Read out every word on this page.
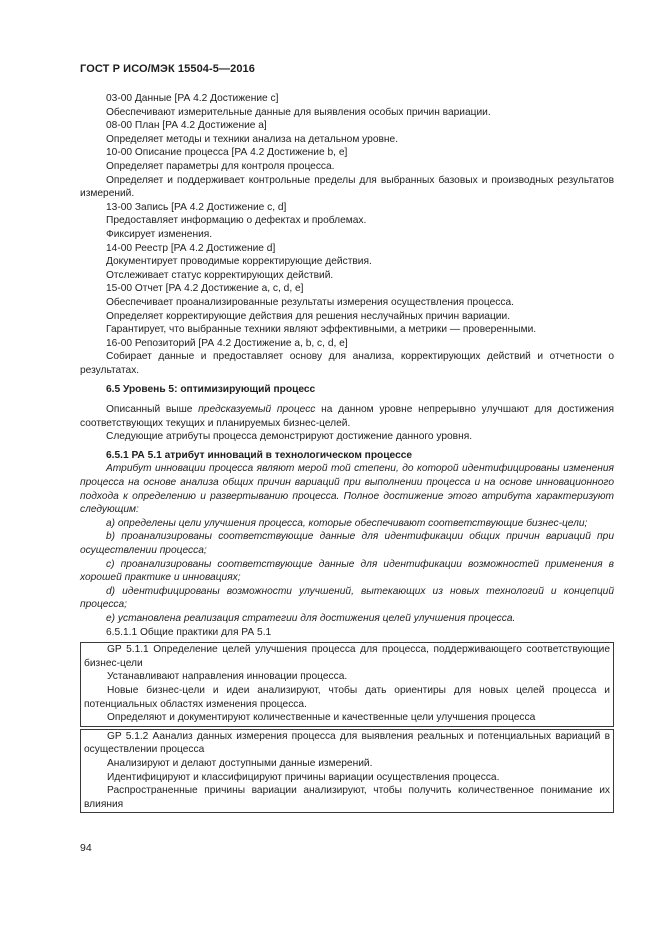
ГОСТ Р ИСО/МЭК 15504-5—2016

03-00 Данные [РА 4.2 Достижение с]

Обеспечивают измерительные данные для выявления особых причин вариации.

08-00 План [РА 4.2 Достижение а]

Определяет методы и техники анализа на детальном уровне.

10-00 Описание процесса [РА 4.2 Достижение b, e]

Определяет параметры для контроля процесса.

Определяет и поддерживает контрольные пределы для выбранных базовых и производных результатов измерений.

13-00 Запись [РА 4.2 Достижение c, d]

Предоставляет информацию о дефектах и проблемах.

Фиксирует изменения.

14-00 Реестр [РА 4.2 Достижение d]

Документирует проводимые корректирующие действия.

Отслеживает статус корректирующих действий.

15-00 Отчет [РА 4.2 Достижение a, c, d, e]

Обеспечивает проанализированные результаты измерения осуществления процесса.

Определяет корректирующие действия для решения неслучайных причин вариации.

Гарантирует, что выбранные техники являют эффективными, а метрики — проверенными.

16-00 Репозиторий [РА 4.2 Достижение a, b, c, d, e]

Собирает данные и предоставляет основу для анализа, корректирующих действий и отчетности о результатах.

6.5 Уровень 5: оптимизирующий процесс

Описанный выше предсказуемый процесс на данном уровне непрерывно улучшают для достижения соответствующих текущих и планируемых бизнес-целей.

Следующие атрибуты процесса демонстрируют достижение данного уровня.

6.5.1 РА 5.1 атрибут инноваций в технологическом процессе

Атрибут инновации процесса являют мерой той степени, до которой идентифицированы изменения процесса на основе анализа общих причин вариаций при выполнении процесса и на основе инновационного подхода к определению и развертыванию процесса. Полное достижение этого атрибута характеризуют следующим:

а) определены цели улучшения процесса, которые обеспечивают соответствующие бизнес-цели;

b) проанализированы соответствующие данные для идентификации общих причин вариаций при осуществлении процесса;

c) проанализированы соответствующие данные для идентификации возможностей применения в хорошей практике и инновациях;

d) идентифицированы возможности улучшений, вытекающих из новых технологий и концепций процесса;

е) установлена реализация стратегии для достижения целей улучшения процесса.

6.5.1.1 Общие практики для РА 5.1

GP 5.1.1 Определение целей улучшения процесса для процесса, поддерживающего соответствующие бизнес-цели

Устанавливают направления инновации процесса.

Новые бизнес-цели и идеи анализируют, чтобы дать ориентиры для новых целей процесса и потенциальных областях изменения процесса.

Определяют и документируют количественные и качественные цели улучшения процесса

GP 5.1.2 Аанализ данных измерения процесса для выявления реальных и потенциальных вариаций в осуществлении процесса

Анализируют и делают доступными данные измерений.

Идентифицируют и классифицируют причины вариации осуществления процесса.

Распространенные причины вариации анализируют, чтобы получить количественное понимание их влияния

94
